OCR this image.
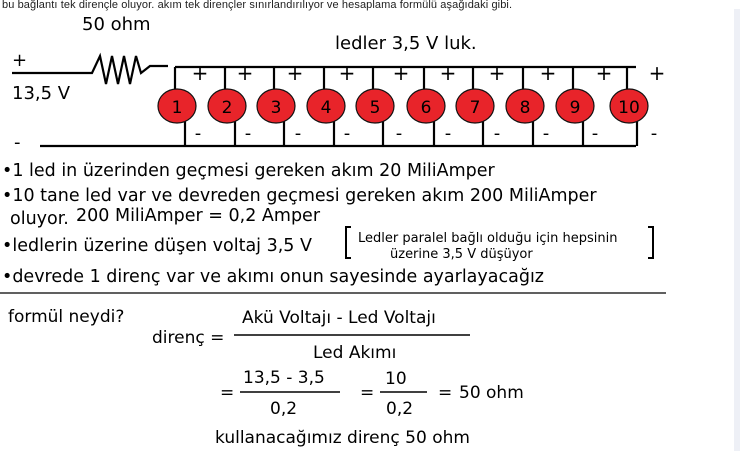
bu bağlantı tek dirençle oluyor. akım tek dirençler sınırlandırılıyor ve hesaplama formülü aşağıdaki gibi.
1 2 3 4 5 6 7 8 9 10
+ + + + + + + + + +
- - - -	- - - - -	-
50 ohm
+
13,5 V
-
ledler 3,5 V luk.
•1 led in üzerinden geçmesi gereken akım 20 MiliAmper
•10 tane led var ve devreden geçmesi gereken akım 200 MiliAmper
oluyor. 200 MiliAmper = 0,2 Amper
•ledlerin üzerine düşen voltaj 3,5 V
•devrede 1 direnç var ve akımı onun sayesinde ayarlayacağız
Ledler paralel bağlı olduğu için hepsinin
üzerine 3,5 V düşüyor
formül neydi?
direnç =
Akü Voltajı - Led Voltajı
Led Akımı
=
13,5 - 3,5
0,2
=
10
0,2
= 50 ohm
kullanacağımız direnç 50 ohm
